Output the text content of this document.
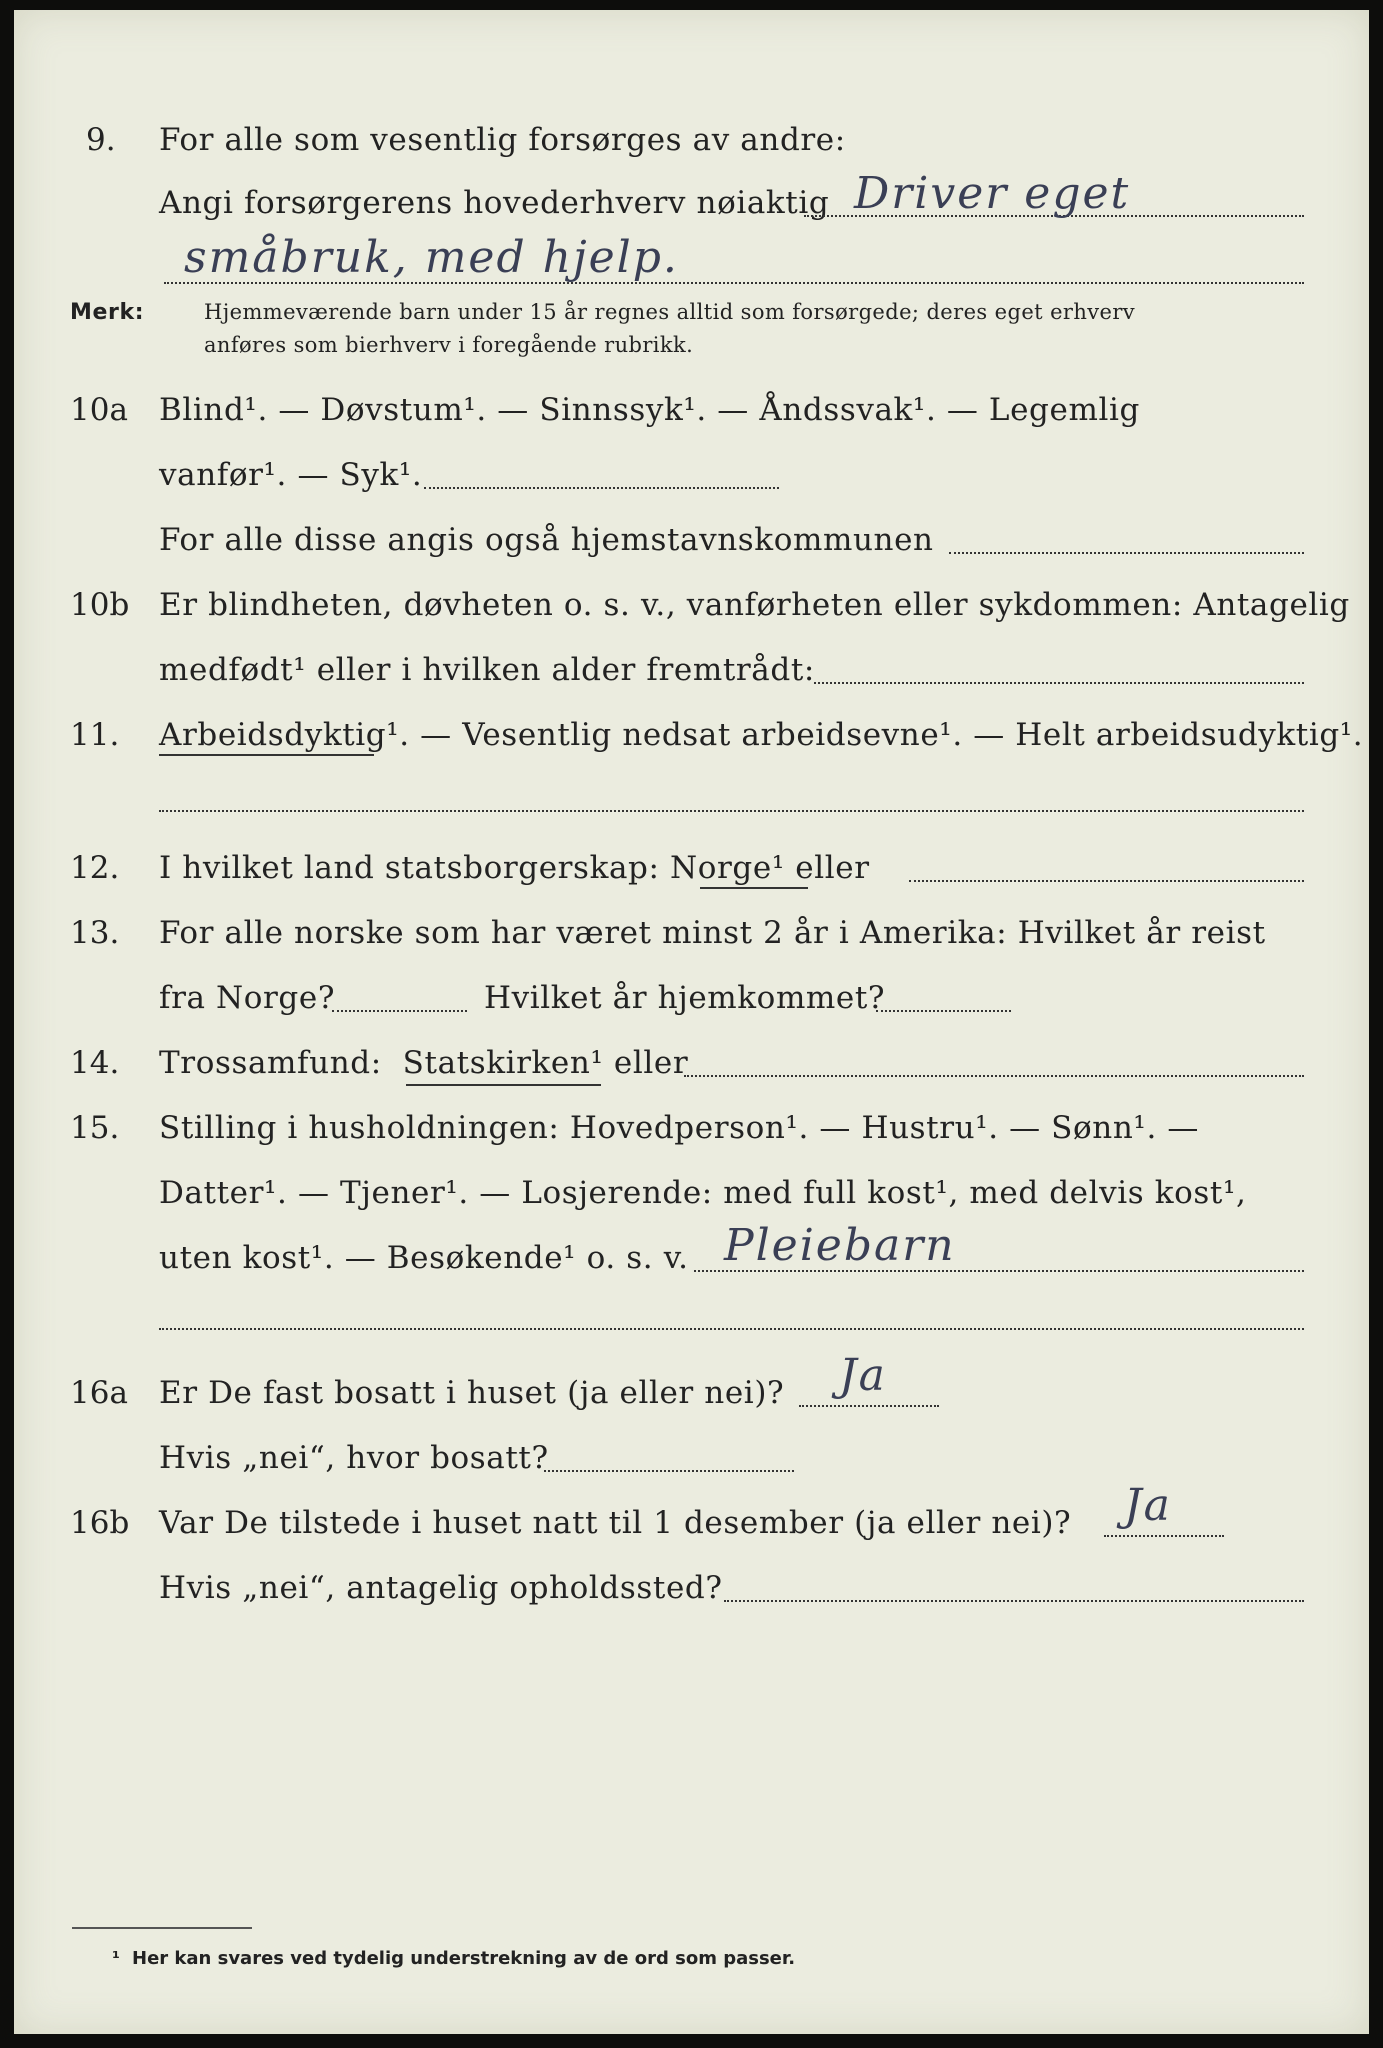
9. For alle som vesentlig forsørges av andre:
Angi forsørgerens hovederhverv nøiaktig Driver eget
småbruk, med hjelp.
Merk:	Hjemmeværende barn under 15 år regnes alltid som forsørgede; deres eget erhverv
anføres som bierhverv i foregående rubrikk.
10a Blind¹. — Døvstum¹. — Sinnssyk¹. — Åndssvak¹. — Legemlig
vanfør¹. — Syk¹.
For alle disse angis også hjemstavnskommunen
10b Er blindheten, døvheten o. s. v., vanførheten eller sykdommen: Antagelig
medfødt¹ eller i hvilken alder fremtrådt:
11. Arbeidsdyktig¹. — Vesentlig nedsat arbeidsevne¹. — Helt arbeidsudyktig¹.
12. I hvilket land statsborgerskap: Norge¹ eller
13. For alle norske som har været minst 2 år i Amerika: Hvilket år reist
fra Norge?	Hvilket år hjemkommet?
14. Trossamfund: Statskirken¹ eller
15. Stilling i husholdningen: Hovedperson¹. — Hustru¹. — Sønn¹. —
Datter¹. — Tjener¹. — Losjerende: med full kost¹, med delvis kost¹,
uten kost¹. — Besøkende¹ o. s. v. Pleiebarn
16a Er De fast bosatt i huset (ja eller nei)? Ja
Hvis „nei“, hvor bosatt?
16b Var De tilstede i huset natt til 1 desember (ja eller nei)? Ja
Hvis „nei“, antagelig opholdssted?
¹ Her kan svares ved tydelig understrekning av de ord som passer.
